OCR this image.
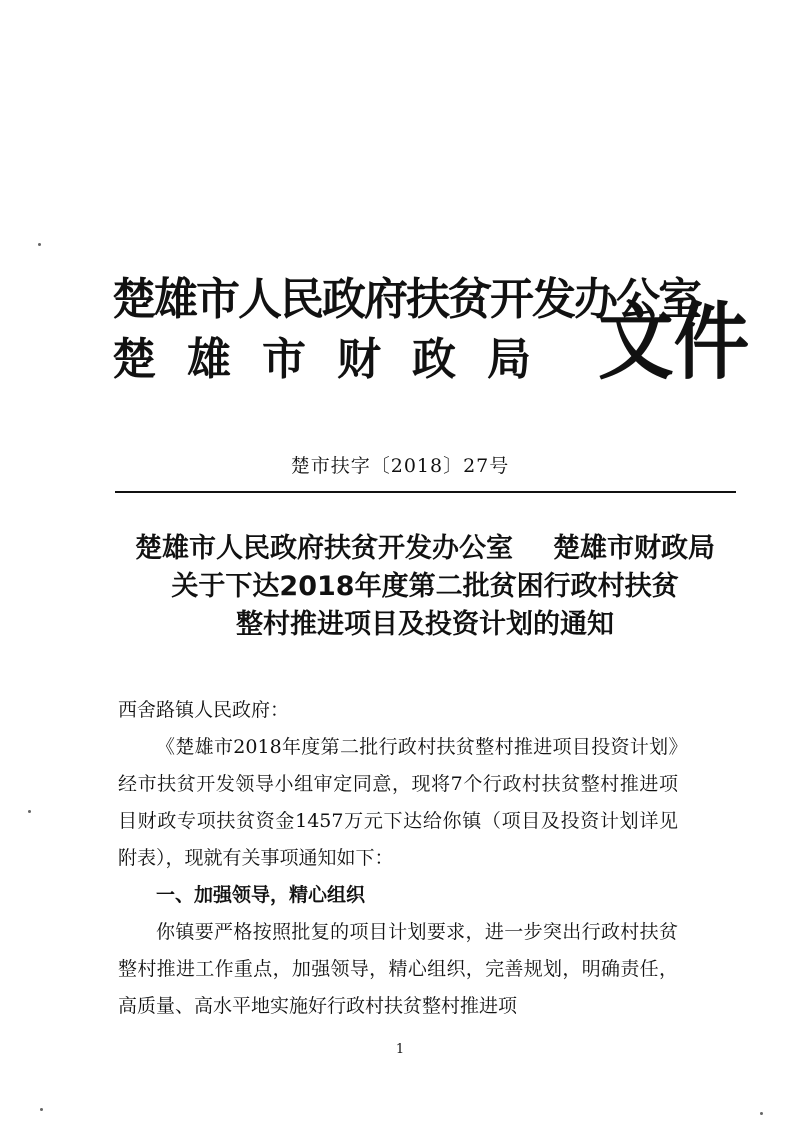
楚雄市人民政府扶贫开发办公室
楚雄市财政局 文件
楚市扶字〔2018〕27号
楚雄市人民政府扶贫开发办公室 楚雄市财政局
关于下达2018年度第二批贫困行政村扶贫
整村推进项目及投资计划的通知

西舍路镇人民政府：

《楚雄市2018年度第二批行政村扶贫整村推进项目投资计划》经市扶贫开发领导小组审定同意，现将7个行政村扶贫整村推进项目财政专项扶贫资金1457万元下达给你镇（项目及投资计划详见附表），现就有关事项通知如下：

一、加强领导，精心组织

你镇要严格按照批复的项目计划要求，进一步突出行政村扶贫整村推进工作重点，加强领导，精心组织，完善规划，明确责任，高质量、高水平地实施好行政村扶贫整村推进项

1
